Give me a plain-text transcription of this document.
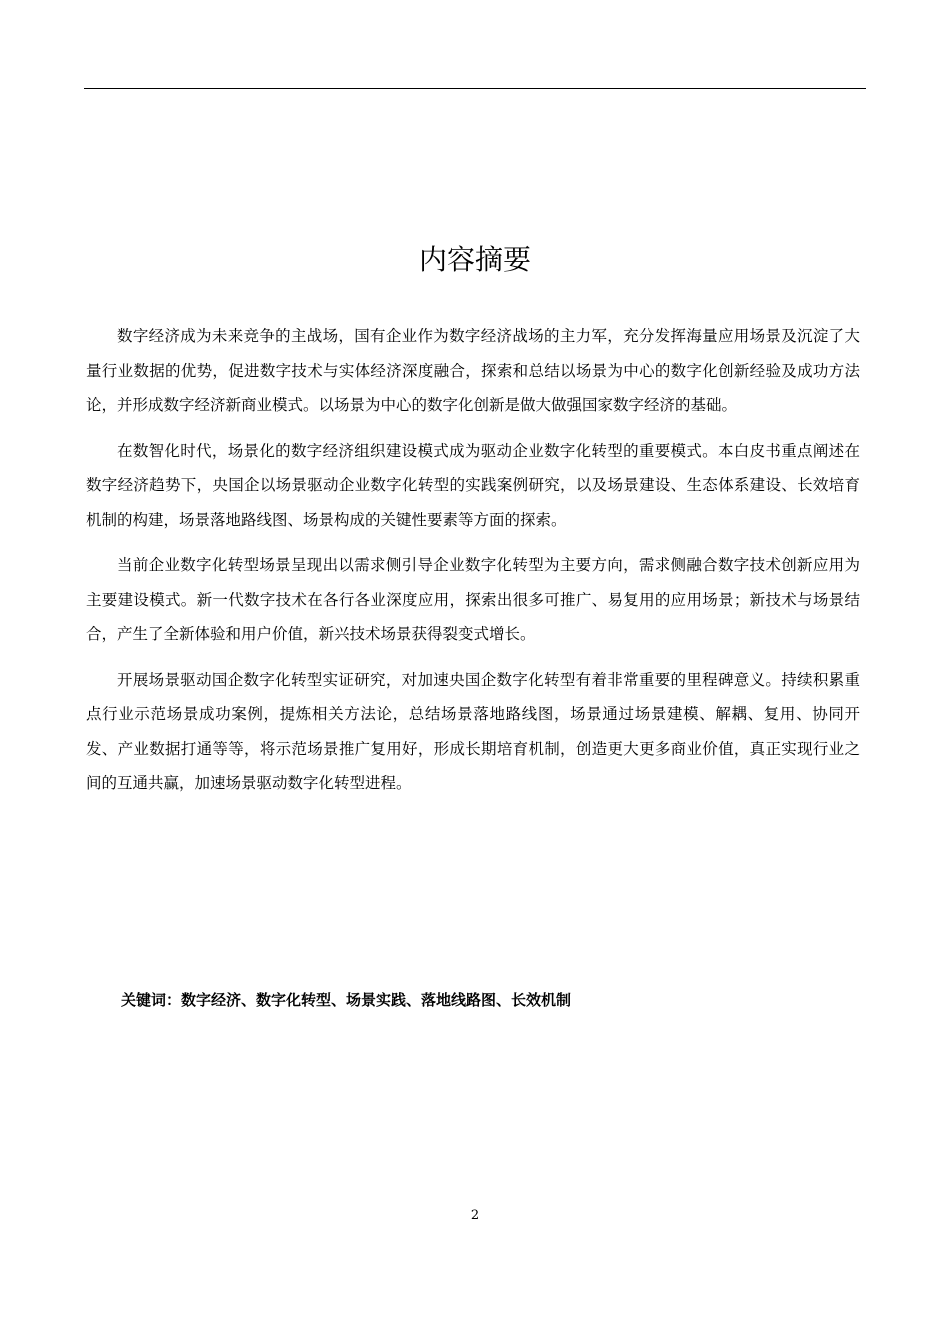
内容摘要

数字经济成为未来竞争的主战场，国有企业作为数字经济战场的主力军，充分发挥海量应用场景及沉淀了大量行业数据的优势，促进数字技术与实体经济深度融合，探索和总结以场景为中心的数字化创新经验及成功方法论，并形成数字经济新商业模式。以场景为中心的数字化创新是做大做强国家数字经济的基础。

在数智化时代，场景化的数字经济组织建设模式成为驱动企业数字化转型的重要模式。本白皮书重点阐述在数字经济趋势下，央国企以场景驱动企业数字化转型的实践案例研究，以及场景建设、生态体系建设、长效培育机制的构建，场景落地路线图、场景构成的关键性要素等方面的探索。

当前企业数字化转型场景呈现出以需求侧引导企业数字化转型为主要方向，需求侧融合数字技术创新应用为主要建设模式。新一代数字技术在各行各业深度应用，探索出很多可推广、易复用的应用场景；新技术与场景结合，产生了全新体验和用户价值，新兴技术场景获得裂变式增长。

开展场景驱动国企数字化转型实证研究，对加速央国企数字化转型有着非常重要的里程碑意义。持续积累重点行业示范场景成功案例，提炼相关方法论，总结场景落地路线图，场景通过场景建模、解耦、复用、协同开发、产业数据打通等等，将示范场景推广复用好，形成长期培育机制，创造更大更多商业价值，真正实现行业之间的互通共赢，加速场景驱动数字化转型进程。

关键词：数字经济、数字化转型、场景实践、落地线路图、长效机制
2
